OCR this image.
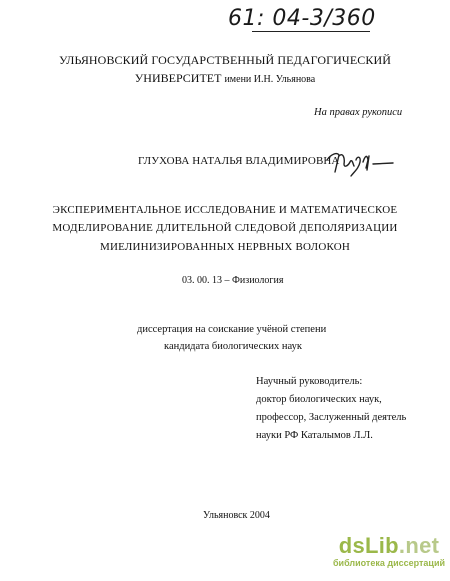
61: 04-3/360
УЛЬЯНОВСКИЙ ГОСУДАРСТВЕННЫЙ ПЕДАГОГИЧЕСКИЙ
УНИВЕРСИТЕТ имени И.Н. Ульянова
На правах рукописи
ГЛУХОВА НАТАЛЬЯ ВЛАДИМИРОВНА
ЭКСПЕРИМЕНТАЛЬНОЕ ИССЛЕДОВАНИЕ И МАТЕМАТИЧЕСКОЕ
МОДЕЛИРОВАНИЕ ДЛИТЕЛЬНОЙ СЛЕДОВОЙ ДЕПОЛЯРИЗАЦИИ
МИЕЛИНИЗИРОВАННЫХ НЕРВНЫХ ВОЛОКОН
03. 00. 13 – Физиология
диссертация на соискание учёной степени
кандидата биологических наук
Научный руководитель:
доктор биологических наук,
профессор, Заслуженный деятель
науки РФ Каталымов Л.Л.
Ульяновск 2004
dsLib.net
библиотека диссертаций
